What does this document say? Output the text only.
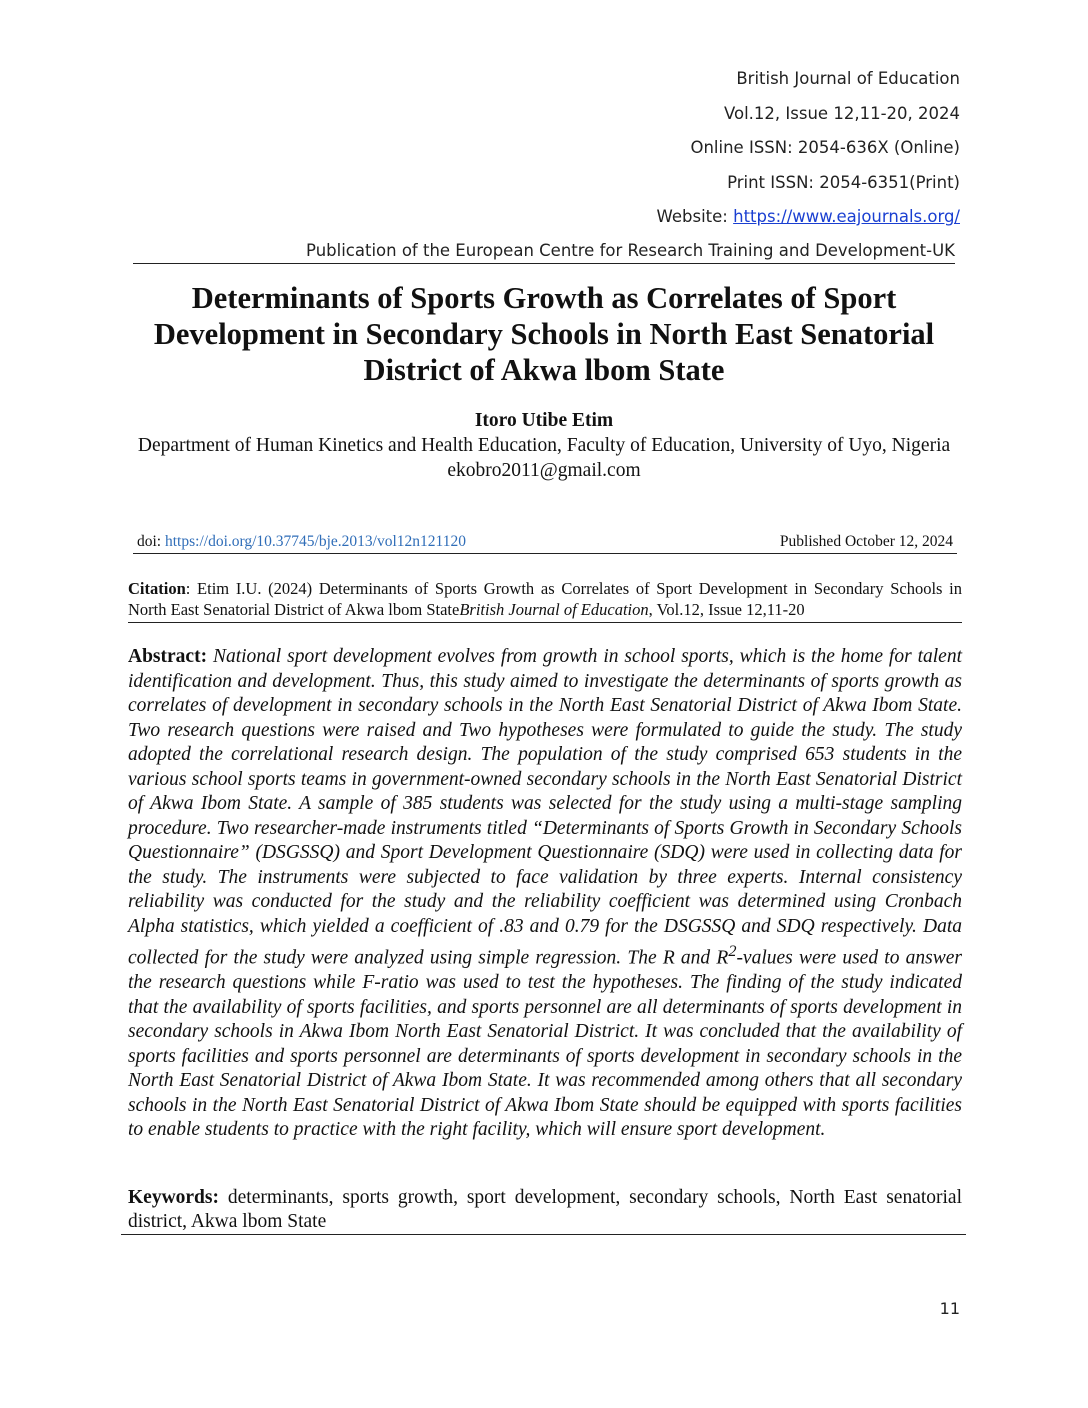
British Journal of Education
Vol.12, Issue 12,11-20, 2024
Online ISSN: 2054-636X (Online)
Print ISSN: 2054-6351(Print)
Website: https://www.eajournals.org/
Publication of the European Centre for Research Training and Development-UK
Determinants of Sports Growth as Correlates of Sport Development in Secondary Schools in North East Senatorial District of Akwa lbom State
Itoro Utibe Etim
Department of Human Kinetics and Health Education, Faculty of Education, University of Uyo, Nigeria
ekobro2011@gmail.com
doi: https://doi.org/10.37745/bje.2013/vol12n121120	Published October 12, 2024
Citation: Etim I.U. (2024) Determinants of Sports Growth as Correlates of Sport Development in Secondary Schools in North East Senatorial District of Akwa lbom StateBritish Journal of Education, Vol.12, Issue 12,11-20
Abstract: National sport development evolves from growth in school sports, which is the home for talent identification and development. Thus, this study aimed to investigate the determinants of sports growth as correlates of development in secondary schools in the North East Senatorial District of Akwa Ibom State. Two research questions were raised and Two hypotheses were formulated to guide the study. The study adopted the correlational research design. The population of the study comprised 653 students in the various school sports teams in government-owned secondary schools in the North East Senatorial District of Akwa Ibom State. A sample of 385 students was selected for the study using a multi-stage sampling procedure. Two researcher-made instruments titled “Determinants of Sports Growth in Secondary Schools Questionnaire” (DSGSSQ) and Sport Development Questionnaire (SDQ) were used in collecting data for the study. The instruments were subjected to face validation by three experts. Internal consistency reliability was conducted for the study and the reliability coefficient was determined using Cronbach Alpha statistics, which yielded a coefficient of .83 and 0.79 for the DSGSSQ and SDQ respectively. Data collected for the study were analyzed using simple regression. The R and $R^2$-values were used to answer the research questions while F-ratio was used to test the hypotheses. The finding of the study indicated that the availability of sports facilities, and sports personnel are all determinants of sports development in secondary schools in Akwa Ibom North East Senatorial District. It was concluded that the availability of sports facilities and sports personnel are determinants of sports development in secondary schools in the North East Senatorial District of Akwa Ibom State. It was recommended among others that all secondary schools in the North East Senatorial District of Akwa Ibom State should be equipped with sports facilities to enable students to practice with the right facility, which will ensure sport development.
Keywords: determinants, sports growth, sport development, secondary schools, North East senatorial district, Akwa lbom State
11
